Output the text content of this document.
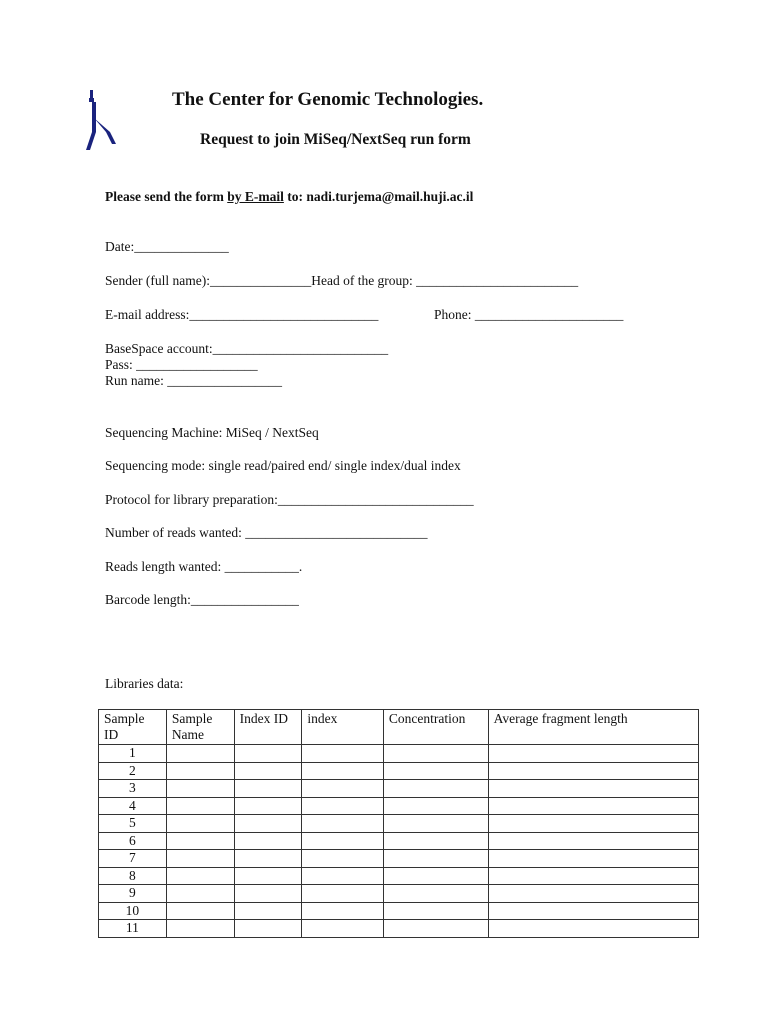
The Center for Genomic Technologies.
Request to join MiSeq/NextSeq run form
Please send the form by E-mail to: nadi.turjema@mail.huji.ac.il
Date:______________
Sender (full name):_______________Head of the group: ________________________
E-mail address:____________________________	Phone: ______________________
BaseSpace account:__________________________
Pass: __________________
Run name: _________________
Sequencing Machine: MiSeq / NextSeq
Sequencing mode: single read/paired end/ single index/dual index
Protocol for library preparation:_____________________________
Number of reads wanted: ___________________________
Reads length wanted: ___________.
Barcode length:________________
Libraries data:
Sample ID	Sample Name	Index ID	index	Concentration	Average fragment length
1					
2					
3					
4					
5					
6					
7					
8					
9					
10					
11					
